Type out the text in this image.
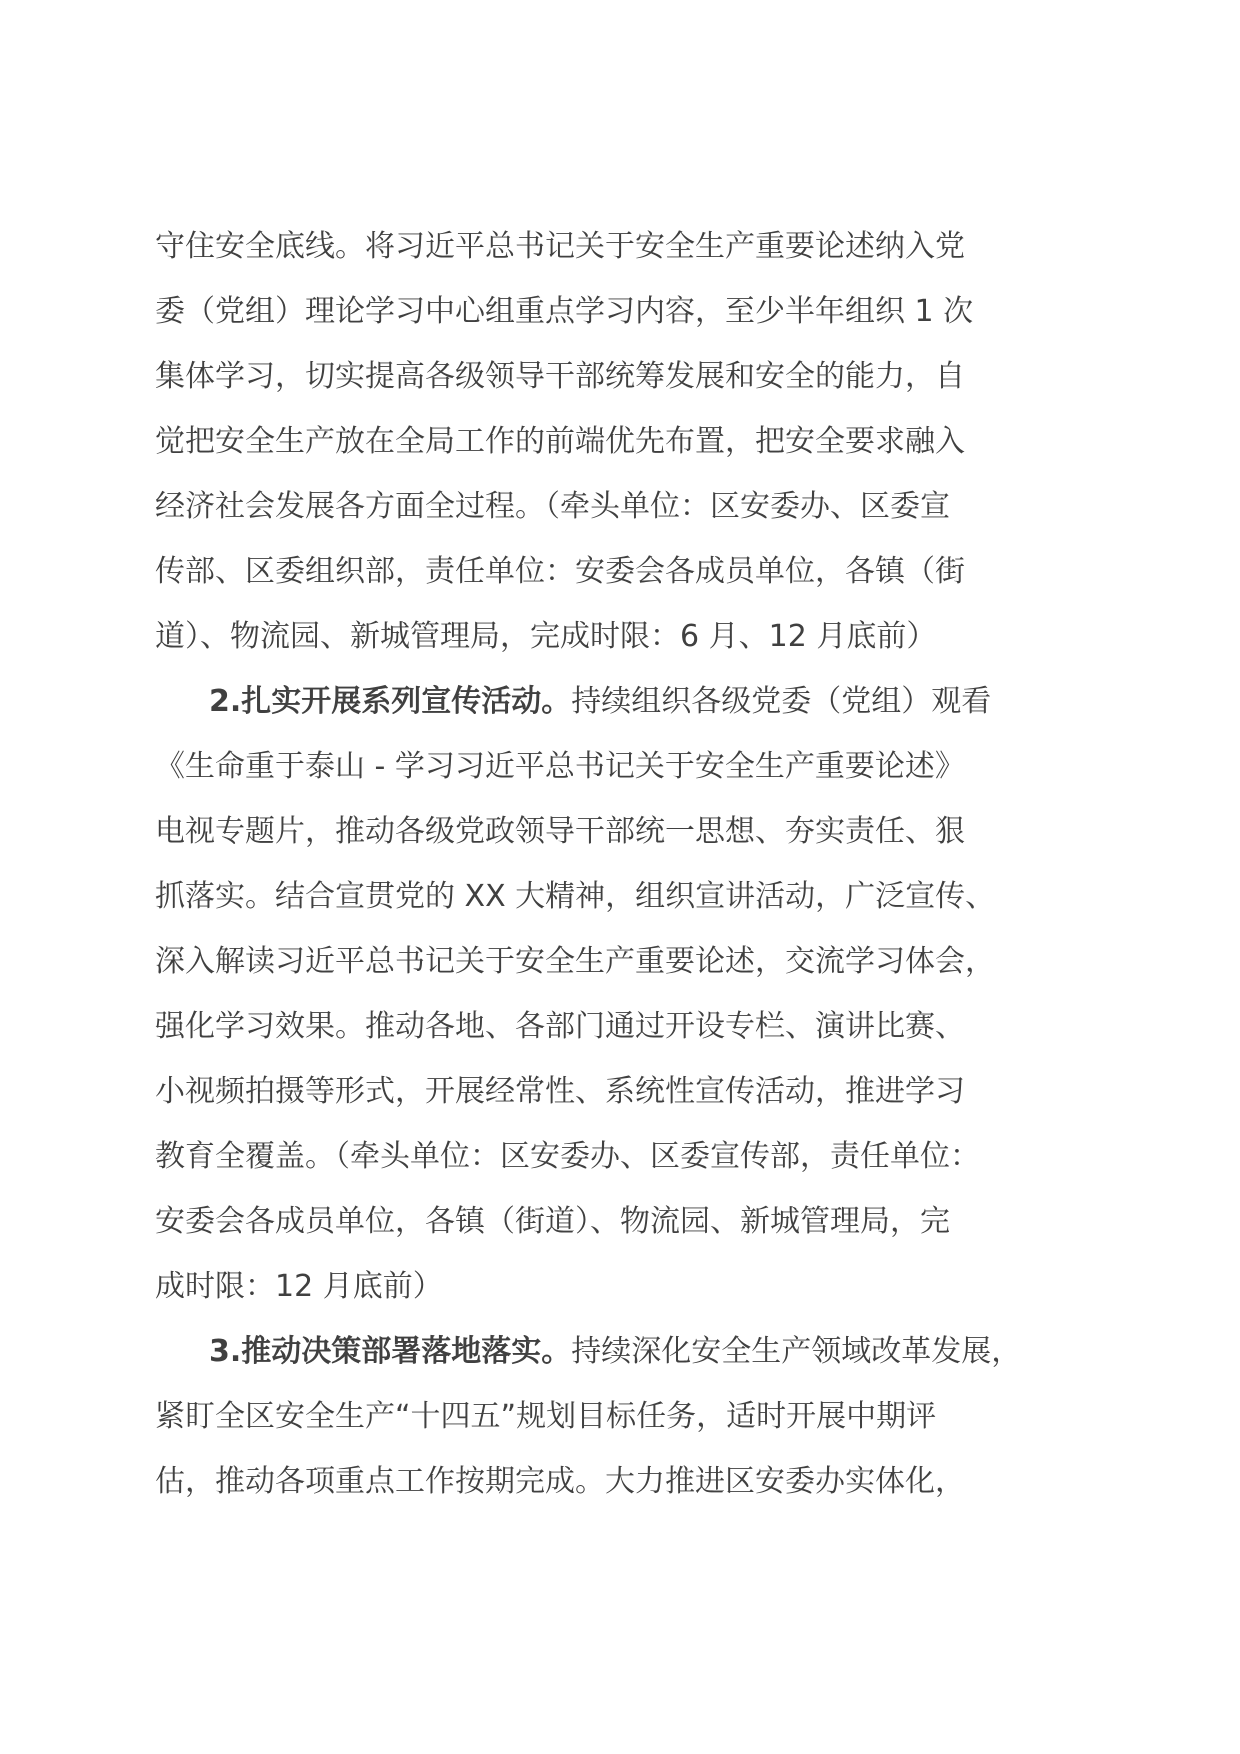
守住安全底线。将习近平总书记关于安全生产重要论述纳入党
委（党组）理论学习中心组重点学习内容，至少半年组织 1 次
集体学习，切实提高各级领导干部统筹发展和安全的能力，自
觉把安全生产放在全局工作的前端优先布置，把安全要求融入
经济社会发展各方面全过程。（牵头单位：区安委办、区委宣
传部、区委组织部，责任单位：安委会各成员单位，各镇（街
道）、物流园、新城管理局，完成时限：6 月、12 月底前）
2.扎实开展系列宣传活动。持续组织各级党委（党组）观看
《生命重于泰山 - 学习习近平总书记关于安全生产重要论述》
电视专题片，推动各级党政领导干部统一思想、夯实责任、狠
抓落实。结合宣贯党的 XX 大精神，组织宣讲活动，广泛宣传、
深入解读习近平总书记关于安全生产重要论述，交流学习体会，
强化学习效果。推动各地、各部门通过开设专栏、演讲比赛、
小视频拍摄等形式，开展经常性、系统性宣传活动，推进学习
教育全覆盖。（牵头单位：区安委办、区委宣传部，责任单位：
安委会各成员单位，各镇（街道）、物流园、新城管理局，完
成时限：12 月底前）
3.推动决策部署落地落实。持续深化安全生产领域改革发展，
紧盯全区安全生产“十四五”规划目标任务，适时开展中期评
估，推动各项重点工作按期完成。大力推进区安委办实体化，
